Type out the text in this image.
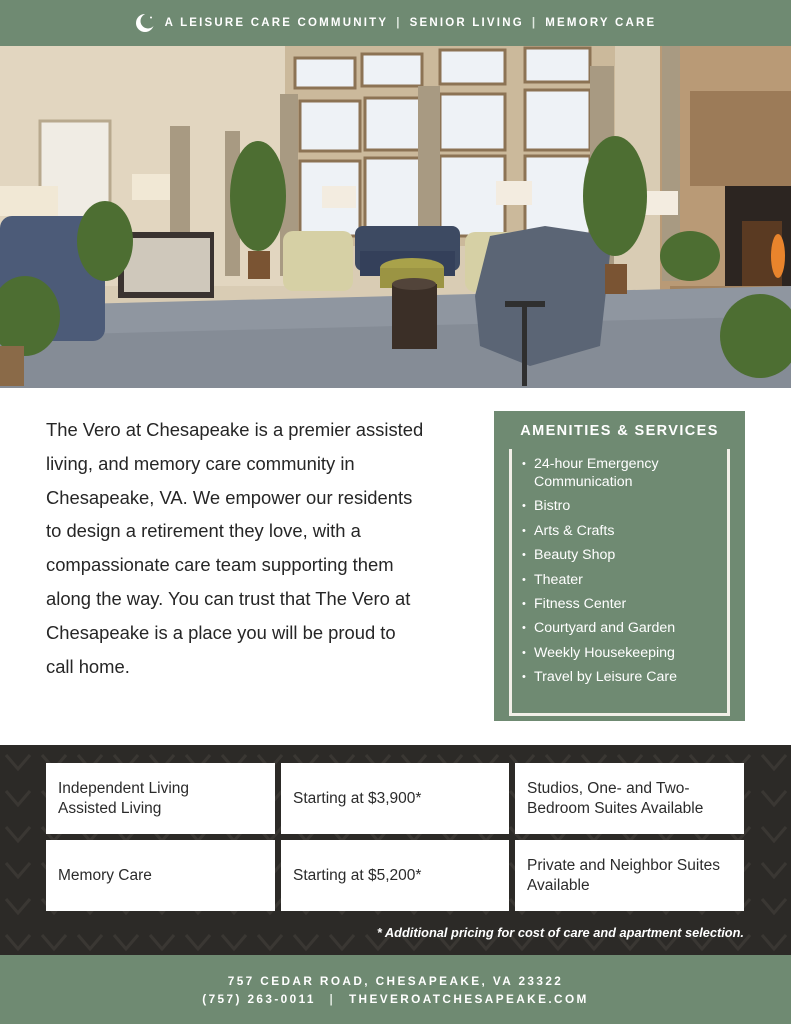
A LEISURE CARE COMMUNITY | SENIOR LIVING | MEMORY CARE

The Vero at Chesapeake is a premier assisted living, and memory care community in Chesapeake, VA. We empower our residents to design a retirement they love, with a compassionate care team supporting them along the way. You can trust that The Vero at Chesapeake is a place you will be proud to call home.

AMENITIES & SERVICES
• 24-hour Emergency Communication
• Bistro
• Arts & Crafts
• Beauty Shop
• Theater
• Fitness Center
• Courtyard and Garden
• Weekly Housekeeping
• Travel by Leisure Care
Independent Living
Assisted Living
Starting at $3,900*
Studios, One- and Two-Bedroom Suites Available
Memory Care	Starting at $5,200*
Private and Neighbor Suites Available
* Additional pricing for cost of care and apartment selection.
757 CEDAR ROAD, CHESAPEAKE, VA 23322
(757) 263-0011 | THEVEROATCHESAPEAKE.COM
